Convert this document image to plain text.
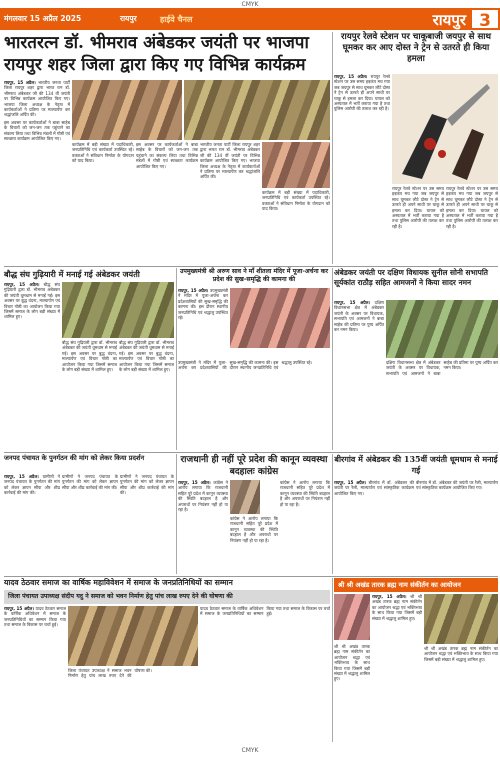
CMYK
मंगलवार 15 अप्रैल 2025	रायपुर	हाईवे चैनल	रायपुर 3
भारतरत्न डॉ. भीमराव अंबेडकर जयंती पर भाजपा
रायपुर शहर जिला द्वारा किए गए विभिन्न कार्यक्रम

रायपुर, 15 अप्रैल। भारतीय जनता पार्टी जिला रायपुर शहर द्वारा भारत रत्न डॉ. भीमराव अंबेडकर जी की 134 वीं जयंती पर विभिन्न कार्यक्रम आयोजित किए गए। भाजपा जिला अध्यक्ष के नेतृत्व में कार्यकर्ताओं ने प्रतिमा पर माल्यार्पण कर श्रद्धांजलि अर्पित की।

इस अवसर पर कार्यकर्ताओं ने बाबा साहेब के विचारों को जन-जन तक पहुंचाने का संकल्प लिया तथा विभिन्न मंडलों में गोष्ठी एवं स्वच्छता कार्यक्रम आयोजित किए गए।

कार्यक्रम में बड़ी संख्या में पदाधिकारी, जनप्रतिनिधि एवं कार्यकर्ता उपस्थित रहे। वक्ताओं ने संविधान निर्माता के योगदान को याद किया।

इस अवसर पर कार्यकर्ताओं ने बाबा साहेब के विचारों को जन-जन तक पहुंचाने का संकल्प लिया तथा विभिन्न मंडलों में गोष्ठी एवं स्वच्छता कार्यक्रम आयोजित किए गए।

भारतीय जनता पार्टी जिला रायपुर शहर द्वारा भारत रत्न डॉ. भीमराव अंबेडकर जी की 134 वीं जयंती पर विभिन्न कार्यक्रम आयोजित किए गए। भाजपा जिला अध्यक्ष के नेतृत्व में कार्यकर्ताओं ने प्रतिमा पर माल्यार्पण कर श्रद्धांजलि अर्पित की।

कार्यक्रम में बड़ी संख्या में पदाधिकारी, जनप्रतिनिधि एवं कार्यकर्ता उपस्थित रहे। वक्ताओं ने संविधान निर्माता के योगदान को याद किया।

रायपुर रेलवे स्टेशन पर चाकूबाजी जयपुर से साथ घूमकर कर आए दोस्त ने ट्रेन से उतरते ही किया हमला

रायपुर, 15 अप्रैल। रायपुर रेलवे स्टेशन पर उस समय हड़कंप मच गया जब जयपुर से साथ घूमकर लौटे दोस्त ने ट्रेन से उतरते ही अपने साथी पर चाकू से हमला कर दिया। घायल को अस्पताल में भर्ती कराया गया है तथा पुलिस आरोपी की तलाश कर रही है।

रायपुर रेलवे स्टेशन पर उस समय हड़कंप मच गया जब जयपुर से साथ घूमकर लौटे दोस्त ने ट्रेन से उतरते ही अपने साथी पर चाकू से हमला कर दिया। घायल को अस्पताल में भर्ती कराया गया है तथा पुलिस आरोपी की तलाश कर रही है।

रायपुर रेलवे स्टेशन पर उस समय हड़कंप मच गया जब जयपुर से साथ घूमकर लौटे दोस्त ने ट्रेन से उतरते ही अपने साथी पर चाकू से हमला कर दिया। घायल को अस्पताल में भर्ती कराया गया है तथा पुलिस आरोपी की तलाश कर रही है।

बौद्ध संघ गुढ़ियारी में मनाई गई अंबेडकर जयंती

रायपुर, 15 अप्रैल। बौद्ध संघ गुढ़ियारी द्वारा डॉ. भीमराव अंबेडकर की जयंती धूमधाम से मनाई गई। इस अवसर पर बुद्ध वंदना, माल्यार्पण एवं विचार गोष्ठी का आयोजन किया गया जिसमें समाज के लोग बड़ी संख्या में शामिल हुए।

बौद्ध संघ गुढ़ियारी द्वारा डॉ. भीमराव अंबेडकर की जयंती धूमधाम से मनाई गई। इस अवसर पर बुद्ध वंदना, माल्यार्पण एवं विचार गोष्ठी का आयोजन किया गया जिसमें समाज के लोग बड़ी संख्या में शामिल हुए।

बौद्ध संघ गुढ़ियारी द्वारा डॉ. भीमराव अंबेडकर की जयंती धूमधाम से मनाई गई। इस अवसर पर बुद्ध वंदना, माल्यार्पण एवं विचार गोष्ठी का आयोजन किया गया जिसमें समाज के लोग बड़ी संख्या में शामिल हुए।

उपमुख्यमंत्री श्री अरुण साव ने माँ शीतला मंदिर में पूजा-अर्चना कर प्रदेश की सुख-समृद्धि की कामना की

रायपुर, 15 अप्रैल। उपमुख्यमंत्री ने मंदिर में पूजा-अर्चना कर प्रदेशवासियों की सुख-समृद्धि की कामना की। इस दौरान स्थानीय जनप्रतिनिधि एवं श्रद्धालु उपस्थित रहे।

उपमुख्यमंत्री ने मंदिर में पूजा-अर्चना कर प्रदेशवासियों की सुख-समृद्धि की कामना की। इस दौरान स्थानीय जनप्रतिनिधि एवं श्रद्धालु उपस्थित रहे।

अंबेडकर जयंती पर दक्षिण विधायक सुनील सोनी सभापति सूर्यकांत राठौड़ सहित आमजनों ने किया सादर नमन

रायपुर, 15 अप्रैल। दक्षिण विधानसभा क्षेत्र में अंबेडकर जयंती के अवसर पर विधायक, सभापति एवं आमजनों ने बाबा साहेब की प्रतिमा पर पुष्प अर्पित कर नमन किया।

दक्षिण विधानसभा क्षेत्र में अंबेडकर जयंती के अवसर पर विधायक, सभापति एवं आमजनों ने बाबा साहेब की प्रतिमा पर पुष्प अर्पित कर नमन किया।

जनपद पंचायत के पुनर्गठन की मांग को लेकर किया प्रदर्शन

रायपुर, 15 अप्रैल। ग्रामीणों ने जनपद पंचायत के पुनर्गठन की मांग को लेकर ज्ञापन सौंपा और शीघ्र कार्रवाई की मांग की।

ग्रामीणों ने जनपद पंचायत के पुनर्गठन की मांग को लेकर ज्ञापन सौंपा और शीघ्र कार्रवाई की मांग की।

ग्रामीणों ने जनपद पंचायत के पुनर्गठन की मांग को लेकर ज्ञापन सौंपा और शीघ्र कार्रवाई की मांग की।

राजधानी ही नहीं पूरे प्रदेश की कानून व्यवस्था बदहालः कांग्रेस

रायपुर, 15 अप्रैल। कांग्रेस ने आरोप लगाया कि राजधानी सहित पूरे प्रदेश में कानून व्यवस्था की स्थिति बदहाल है और अपराधों पर नियंत्रण नहीं हो पा रहा है।

कांग्रेस ने आरोप लगाया कि राजधानी सहित पूरे प्रदेश में कानून व्यवस्था की स्थिति बदहाल है और अपराधों पर नियंत्रण नहीं हो पा रहा है।

कांग्रेस ने आरोप लगाया कि राजधानी सहित पूरे प्रदेश में कानून व्यवस्था की स्थिति बदहाल है और अपराधों पर नियंत्रण नहीं हो पा रहा है।

बीरगांव में अंबेडकर की 135वीं जयंती धूमधाम से मनाई गई

रायपुर, 15 अप्रैल। बीरगांव में डॉ. अंबेडकर की जयंती पर रैली, माल्यार्पण एवं सांस्कृतिक कार्यक्रम आयोजित किए गए।

बीरगांव में डॉ. अंबेडकर की जयंती पर रैली, माल्यार्पण एवं सांस्कृतिक कार्यक्रम आयोजित किए गए।

यादव ठेठवार समाज का वार्षिक महाविवेशन में समाज के जनप्रतिनिधियों का सम्मान
जिला पंचायत उपाध्यक्ष संदीप यदु ने समाज को भवन निर्माण हेतु पांच लाख रुपए देने की घोषणा की

रायपुर, 15 अप्रैल। यादव ठेठवार समाज के वार्षिक अधिवेशन में समाज के जनप्रतिनिधियों का सम्मान किया गया तथा समाज के विकास पर चर्चा हुई।

जिला पंचायत उपाध्यक्ष ने समाज भवन निर्माण हेतु पांच लाख रुपए देने की घोषणा की।

यादव ठेठवार समाज के वार्षिक अधिवेशन में समाज के जनप्रतिनिधियों का सम्मान किया गया तथा समाज के विकास पर चर्चा हुई।

श्री श्री अखंड तारक ब्रह्म नाम संकीर्तन का आयोजन

रायपुर, 15 अप्रैल। श्री श्री अखंड तारक ब्रह्म नाम संकीर्तन का आयोजन श्रद्धा एवं भक्तिभाव के साथ किया गया जिसमें बड़ी संख्या में श्रद्धालु शामिल हुए।

श्री श्री अखंड तारक ब्रह्म नाम संकीर्तन का आयोजन श्रद्धा एवं भक्तिभाव के साथ किया गया जिसमें बड़ी संख्या में श्रद्धालु शामिल हुए।

श्री श्री अखंड तारक ब्रह्म नाम संकीर्तन का आयोजन श्रद्धा एवं भक्तिभाव के साथ किया गया जिसमें बड़ी संख्या में श्रद्धालु शामिल हुए।

CMYK
